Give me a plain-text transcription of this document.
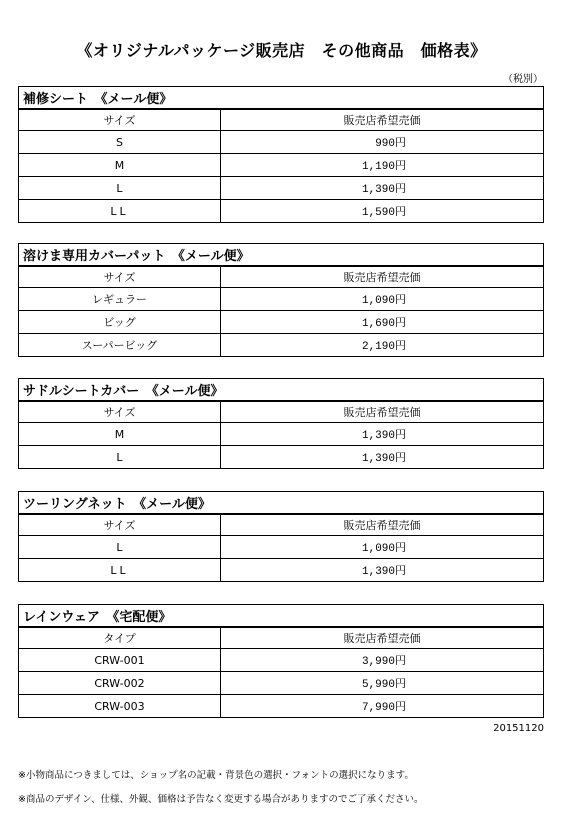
《オリジナルパッケージ販売店　その他商品　価格表》
（税別）
補修シート　《メール便》	
サイズ	販売店希望売価
S	990円

M	1,190円

L	1,390円

LL	1,590円
溶けま専用カバーパット　《メール便》	
サイズ	販売店希望売価
レギュラー	1,090円

ビッグ	1,690円

スーパービッグ	2,190円
サドルシートカバー　《メール便》	
サイズ	販売店希望売価
M	1,390円

L	1,390円
ツーリングネット　《メール便》	
サイズ	販売店希望売価
L	1,090円

LL	1,390円
レインウェア　《宅配便》	
タイプ	販売店希望売価
CRW-001	3,990円

CRW-002	5,990円

CRW-003	7,990円
20151120
※小物商品につきましては、ショップ名の記載・背景色の選択・フォントの選択になります。
※商品のデザイン、仕様、外観、価格は予告なく変更する場合がありますのでご了承ください。
